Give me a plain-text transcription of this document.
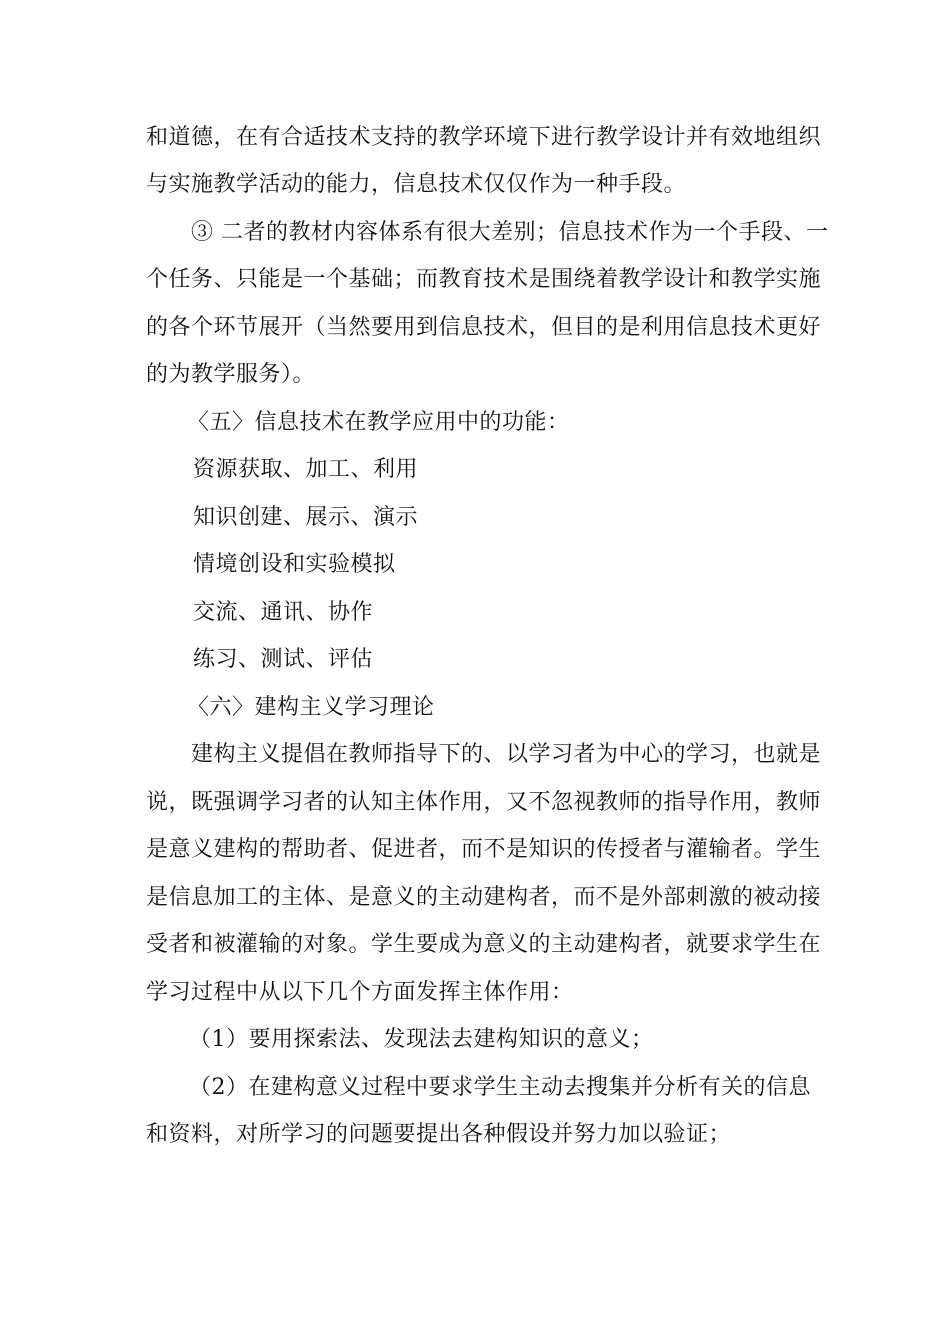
和道德，在有合适技术支持的教学环境下进行教学设计并有效地组织
与实施教学活动的能力，信息技术仅仅作为一种手段。
③ 二者的教材内容体系有很大差别；信息技术作为一个手段、一
个任务、只能是一个基础；而教育技术是围绕着教学设计和教学实施
的各个环节展开（当然要用到信息技术，但目的是利用信息技术更好
的为教学服务）。
〈五〉信息技术在教学应用中的功能：
资源获取、加工、利用
知识创建、展示、演示
情境创设和实验模拟
交流、通讯、协作
练习、测试、评估
〈六〉建构主义学习理论
建构主义提倡在教师指导下的、以学习者为中心的学习，也就是
说，既强调学习者的认知主体作用，又不忽视教师的指导作用，教师
是意义建构的帮助者、促进者，而不是知识的传授者与灌输者。学生
是信息加工的主体、是意义的主动建构者，而不是外部刺激的被动接
受者和被灌输的对象。学生要成为意义的主动建构者，就要求学生在
学习过程中从以下几个方面发挥主体作用：
（1）要用探索法、发现法去建构知识的意义；
（2）在建构意义过程中要求学生主动去搜集并分析有关的信息
和资料，对所学习的问题要提出各种假设并努力加以验证；
